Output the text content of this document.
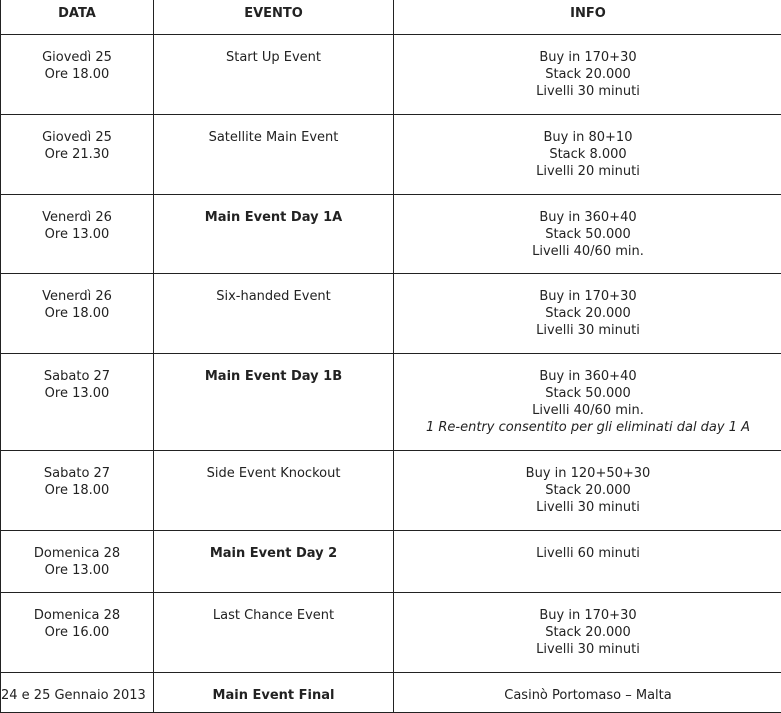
DATA	EVENTO	INFO

Giovedì 25
Ore 18.00	Start Up Event	Buy in 170+30
Stack 20.000
Livelli 30 minuti

Giovedì 25
Ore 21.30	Satellite Main Event	Buy in 80+10
Stack 8.000
Livelli 20 minuti

Venerdì 26
Ore 13.00	Main Event Day 1A	Buy in 360+40
Stack 50.000
Livelli 40/60 min.

Venerdì 26
Ore 18.00	Six-handed Event	Buy in 170+30
Stack 20.000
Livelli 30 minuti

Sabato 27
Ore 13.00	Main Event Day 1B	Buy in 360+40
Stack 50.000
Livelli 40/60 min.
1 Re-entry consentito per gli eliminati dal day 1 A

Sabato 27
Ore 18.00	Side Event Knockout	Buy in 120+50+30
Stack 20.000
Livelli 30 minuti

Domenica 28
Ore 13.00	Main Event Day 2	Livelli 60 minuti

Domenica 28
Ore 16.00	Last Chance Event	Buy in 170+30
Stack 20.000
Livelli 30 minuti

24 e 25 Gennaio 2013	Main Event Final	Casinò Portomaso – Malta
